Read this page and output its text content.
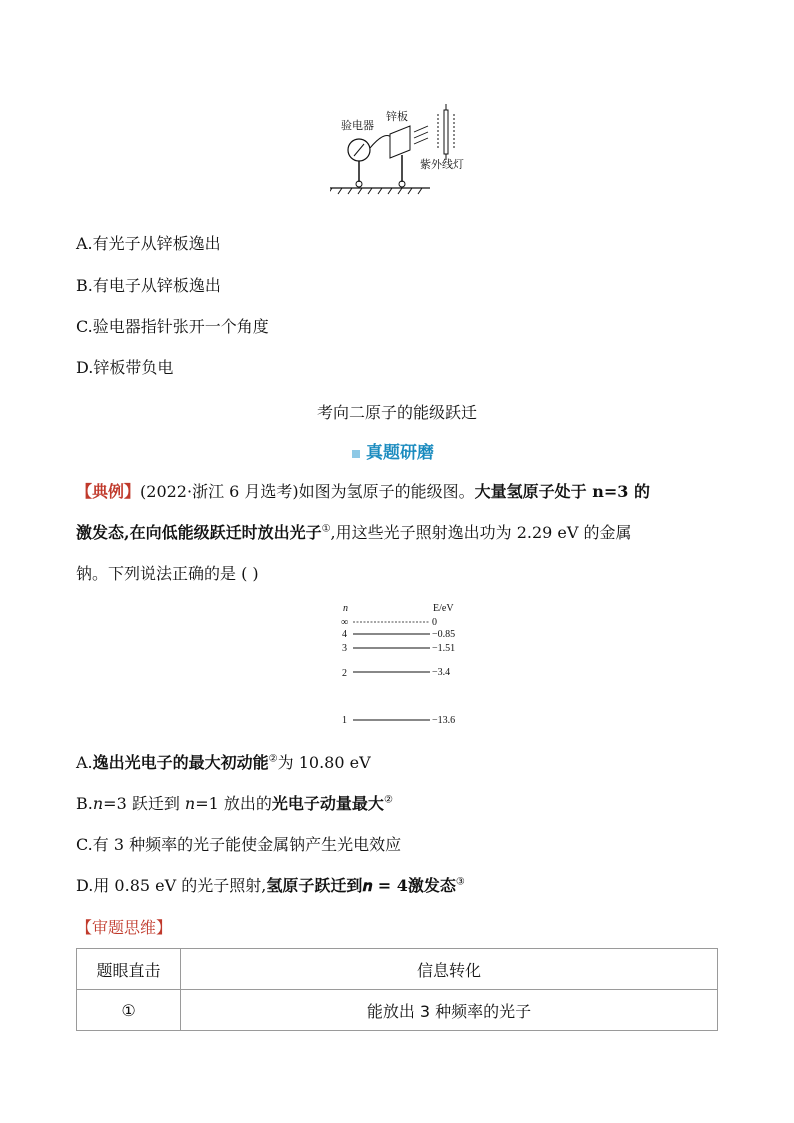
验电器
锌板
紫外线灯
A.有光子从锌板逸出
B.有电子从锌板逸出
C.验电器指针张开一个角度
D.锌板带负电
考向二原子的能级跃迁
真题研磨
【典例】(2022·浙江 6 月选考)如图为氢原子的能级图。大量氢原子处于 n=3 的
激发态,在向低能级跃迁时放出光子①,用这些光子照射逸出功为 2.29 eV 的金属
钠。下列说法正确的是 ( )
n	E/eV
∞	0
4	−0.85
3	−1.51
2	−3.4
1	−13.6
A.逸出光电子的最大初动能②为 10.80 eV
B.n=3 跃迁到 n=1 放出的光电子动量最大②
C.有 3 种频率的光子能使金属钠产生光电效应
D.用 0.85 eV 的光子照射,氢原子跃迁到𝒏 = 𝟒激发态③
【审题思维】
题眼直击	信息转化
①	能放出 3 种频率的光子
